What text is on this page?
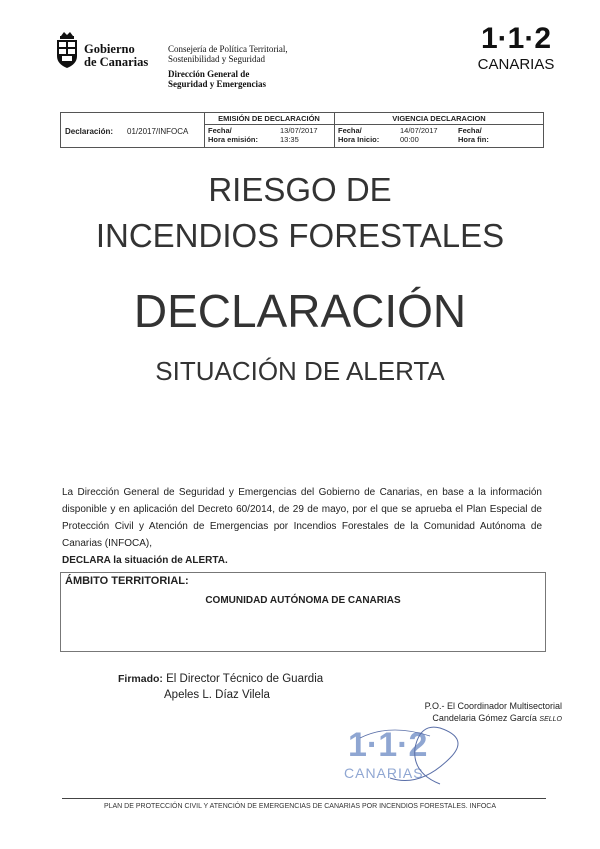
Gobierno
de Canarias
Consejería de Política Territorial,
Sostenibilidad y Seguridad
Dirección General de
Seguridad y Emergencias
1·1·2
CANARIAS
Declaración: 01/2017/INFOCA
EMISIÓN DE DECLARACIÓN
Fecha/	13/07/2017
Hora emisión:	13:35
VIGENCIA DECLARACION
Fecha/	14/07/2017
Hora Inicio:	00:00
Fecha/
Hora fin:
RIESGO DE
INCENDIOS FORESTALES
DECLARACIÓN
SITUACIÓN DE ALERTA
La Dirección General de Seguridad y Emergencias del Gobierno de Canarias, en base a la información disponible y en aplicación del Decreto 60/2014, de 29 de mayo, por el que se aprueba el Plan Especial de Protección Civil y Atención de Emergencias por Incendios Forestales de la Comunidad Autónoma de Canarias (INFOCA),
DECLARA la situación de ALERTA.
ÁMBITO TERRITORIAL:
COMUNIDAD AUTÓNOMA DE CANARIAS
Firmado: El Director Técnico de Guardia
Apeles L. Díaz Vilela
P.O.- El Coordinador Multisectorial
Candelaria Gómez García SELLO
1·1·2
CANARIAS
PLAN DE PROTECCIÓN CIVIL Y ATENCIÓN DE EMERGENCIAS DE CANARIAS POR INCENDIOS FORESTALES. INFOCA
